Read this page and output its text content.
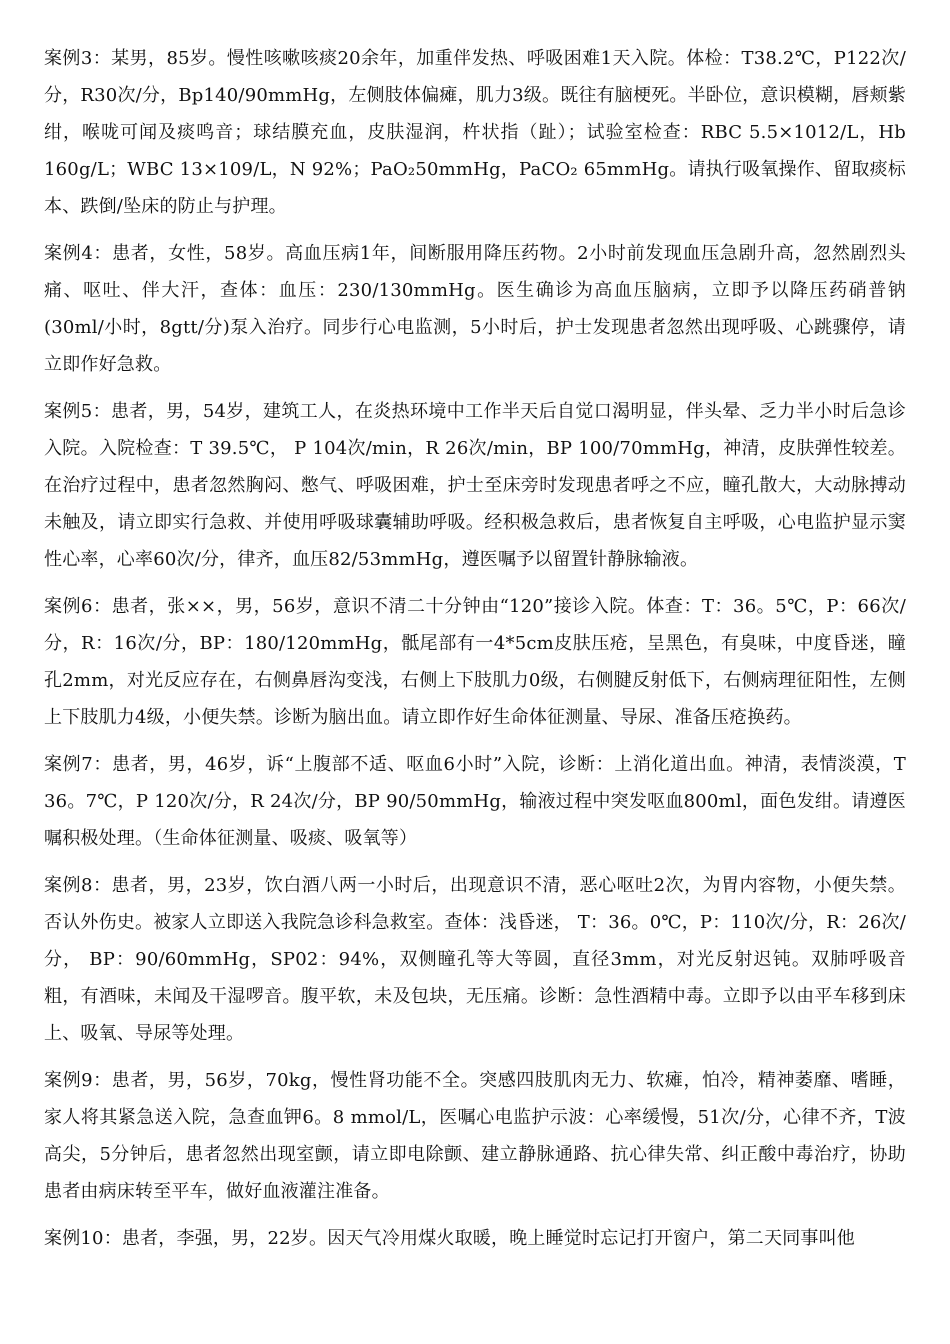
案例3：某男，85岁。慢性咳嗽咳痰20余年，加重伴发热、呼吸困难1天入院。体检：T38.2℃，P122次/分，R30次/分，Bp140/90mmHg，左侧肢体偏瘫，肌力3级。既往有脑梗死。半卧位，意识模糊，唇颊紫绀，喉咙可闻及痰鸣音；球结膜充血，皮肤湿润，杵状指（趾）；试验室检查：RBC 5.5×1012/L，Hb 160g/L；WBC 13×109/L，N 92%；PaO₂50mmHg，PaCO₂ 65mmHg。请执行吸氧操作、留取痰标本、跌倒/坠床的防止与护理。

案例4：患者，女性，58岁。高血压病1年，间断服用降压药物。2小时前发现血压急剧升高，忽然剧烈头痛、呕吐、伴大汗，查体：血压：230/130mmHg。医生确诊为高血压脑病，立即予以降压药硝普钠(30ml/小时，8gtt/分)泵入治疗。同步行心电监测，5小时后，护士发现患者忽然出现呼吸、心跳骤停，请立即作好急救。

案例5：患者，男，54岁，建筑工人，在炎热环境中工作半天后自觉口渴明显，伴头晕、乏力半小时后急诊入院。入院检查：T 39.5℃， P 104次/min，R 26次/min，BP 100/70mmHg，神清，皮肤弹性较差。在治疗过程中，患者忽然胸闷、憋气、呼吸困难，护士至床旁时发现患者呼之不应，瞳孔散大，大动脉搏动未触及，请立即实行急救、并使用呼吸球囊辅助呼吸。经积极急救后，患者恢复自主呼吸，心电监护显示窦性心率，心率60次/分，律齐，血压82/53mmHg，遵医嘱予以留置针静脉输液。

案例6：患者，张××，男，56岁，意识不清二十分钟由“120”接诊入院。体查：T：36。5℃，P：66次/分，R：16次/分，BP：180/120mmHg，骶尾部有一4*5cm皮肤压疮，呈黑色，有臭味，中度昏迷，瞳孔2mm，对光反应存在，右侧鼻唇沟变浅，右侧上下肢肌力0级，右侧腱反射低下，右侧病理征阳性，左侧上下肢肌力4级，小便失禁。诊断为脑出血。请立即作好生命体征测量、导尿、准备压疮换药。

案例7：患者，男，46岁，诉“上腹部不适、呕血6小时”入院，诊断：上消化道出血。神清，表情淡漠，T 36。7℃，P 120次/分，R 24次/分，BP 90/50mmHg，输液过程中突发呕血800ml，面色发绀。请遵医嘱积极处理。（生命体征测量、吸痰、吸氧等）

案例8：患者，男，23岁，饮白酒八两一小时后，出现意识不清，恶心呕吐2次，为胃内容物，小便失禁。否认外伤史。被家人立即送入我院急诊科急救室。查体：浅昏迷， T：36。0℃，P：110次/分，R：26次/分， BP：90/60mmHg，SP02：94%，双侧瞳孔等大等圆，直径3mm，对光反射迟钝。双肺呼吸音粗，有酒味，未闻及干湿啰音。腹平软，未及包块，无压痛。诊断：急性酒精中毒。立即予以由平车移到床上、吸氧、导尿等处理。

案例9：患者，男，56岁，70kg，慢性肾功能不全。突感四肢肌肉无力、软瘫，怕冷，精神萎靡、嗜睡，家人将其紧急送入院，急查血钾6。8 mmol/L，医嘱心电监护示波：心率缓慢，51次/分，心律不齐，T波高尖，5分钟后，患者忽然出现室颤，请立即电除颤、建立静脉通路、抗心律失常、纠正酸中毒治疗，协助患者由病床转至平车，做好血液灌注准备。

案例10：患者，李强，男，22岁。因天气冷用煤火取暖，晚上睡觉时忘记打开窗户，第二天同事叫他
